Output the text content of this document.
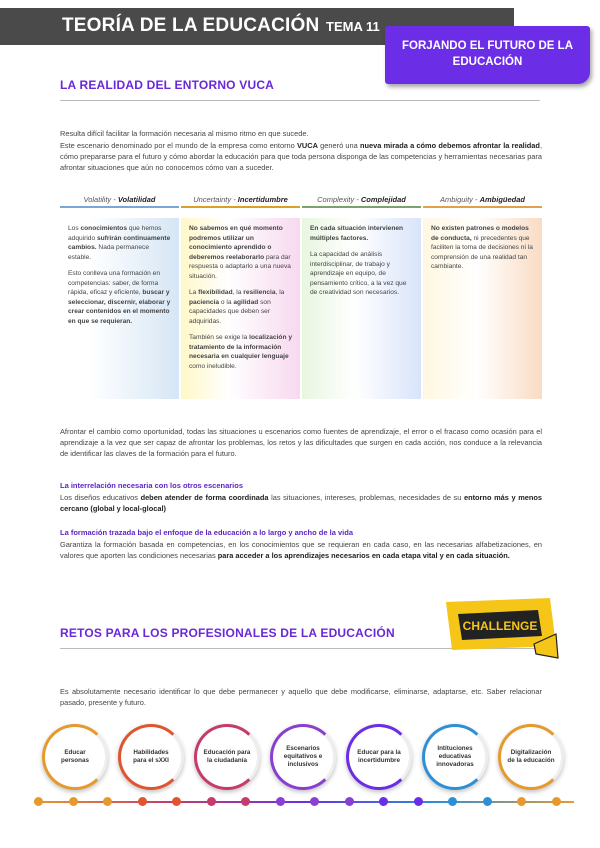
TEORÍA DE LA EDUCACIÓN TEMA 11
FORJANDO EL FUTURO DE LA EDUCACIÓN
LA REALIDAD DEL ENTORNO VUCA
Resulta difícil facilitar la formación necesaria al mismo ritmo en que sucede.
Este escenario denominado por el mundo de la empresa como entorno VUCA generó una nueva mirada a cómo debemos afrontar la realidad, cómo prepararse para el futuro y cómo abordar la educación para que toda persona disponga de las competencias y herramientas necesarias para afrontar situaciones que aún no conocemos cómo van a suceder.
Volatility - Volatilidad

Los conocimientos que hemos adquirido sufrirán continuamente cambios. Nada permanece estable.

Esto conlleva una formación en competencias: saber, de forma rápida, eficaz y eficiente, buscar y seleccionar, discernir, elaborar y crear contenidos en el momento en que se requieran.

Uncertainty - Incertidumbre

No sabemos en qué momento podremos utilizar un conocimiento aprendido o deberemos reelaborarlo para dar respuesta o adaptarlo a una nueva situación.

La flexibilidad, la resiliencia, la paciencia o la agilidad son capacidades que deben ser adquiridas.

También se exige la localización y tratamiento de la información necesaria en cualquier lenguaje como ineludible.

Complexity - Complejidad

En cada situación intervienen múltiples factores.

La capacidad de análisis interdisciplinar, de trabajo y aprendizaje en equipo, de pensamiento crítico, a la vez que de creatividad son necesarios.

Ambiguity - Ambigüedad

No existen patrones o modelos de conducta, ni precedentes que faciliten la toma de decisiones ni la comprensión de una realidad tan cambiante.

Afrontar el cambio como oportunidad, todas las situaciones u escenarios como fuentes de aprendizaje, el error o el fracaso como ocasión para el aprendizaje a la vez que ser capaz de afrontar los problemas, los retos y las dificultades que surgen en cada acción, nos conduce a la relevancia de identificar las claves de la formación para el futuro.
La interrelación necesaria con los otros escenarios
Los diseños educativos deben atender de forma coordinada las situaciones, intereses, problemas, necesidades de su entorno más y menos cercano (global y local-glocal)
La formación trazada bajo el enfoque de la educación a lo largo y ancho de la vida
Garantiza la formación basada en competencias, en los conocimientos que se requieran en cada caso, en las necesarias alfabetizaciones, en valores que aporten las condiciones necesarias para acceder a los aprendizajes necesarios en cada etapa vital y en cada situación.
RETOS PARA LOS PROFESIONALES DE LA EDUCACIÓN	CHALLENGE
Es absolutamente necesario identificar lo que debe permanecer y aquello que debe modificarse, eliminarse, adaptarse, etc. Saber relacionar pasado, presente y futuro.
Educar personas
Habilidades para el sXXI
Educación para la ciudadanía
Escenarios equitativos e inclusivos
Educar para la incertidumbre
Intituciones educativas innovadoras
Digitalización de la educación
